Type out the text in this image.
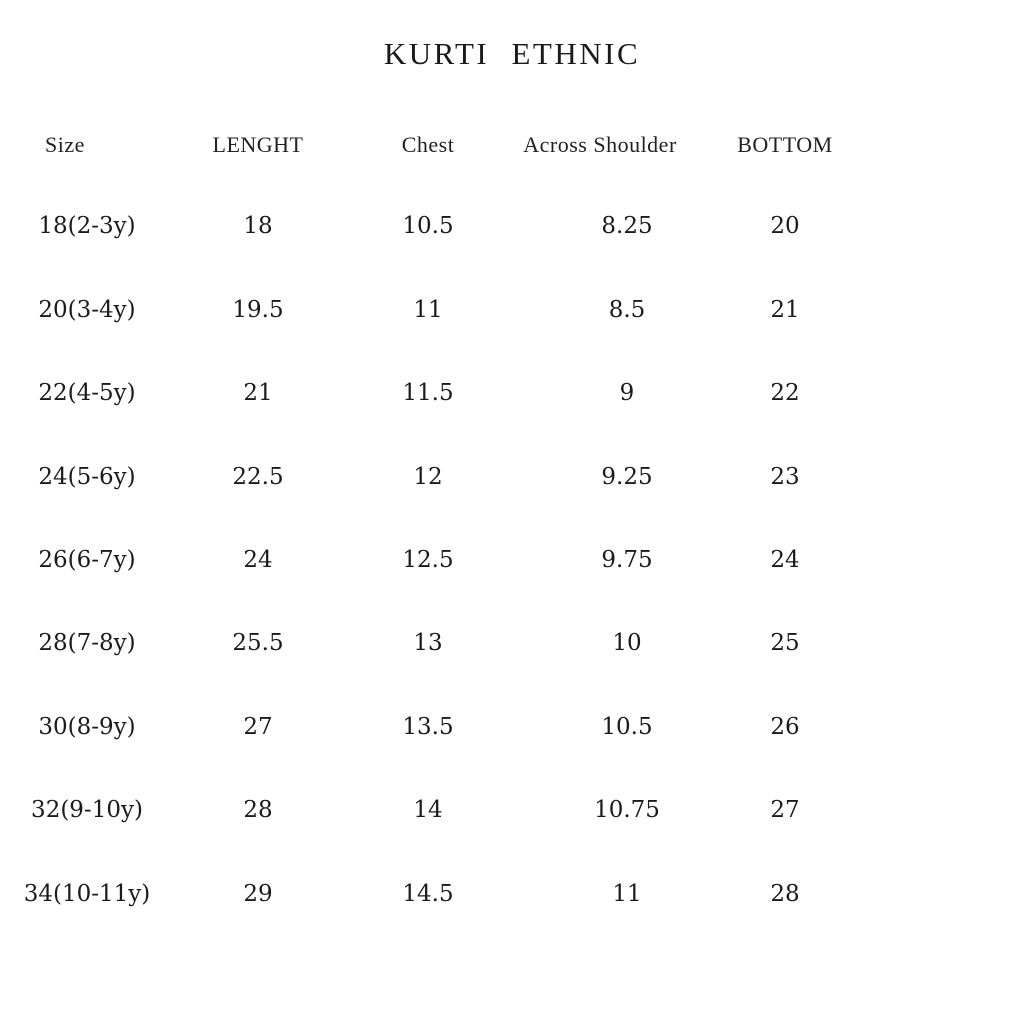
KURTI ETHNIC
Size	LENGHT	Chest	Across Shoulder	BOTTOM
18(2-3y)	18	10.5	8.25	20
20(3-4y)	19.5	11	8.5	21
22(4-5y)	21	11.5	9	22
24(5-6y)	22.5	12	9.25	23
26(6-7y)	24	12.5	9.75	24
28(7-8y)	25.5	13	10	25
30(8-9y)	27	13.5	10.5	26
32(9-10y)	28	14	10.75	27
34(10-11y)	29	14.5	11	28
